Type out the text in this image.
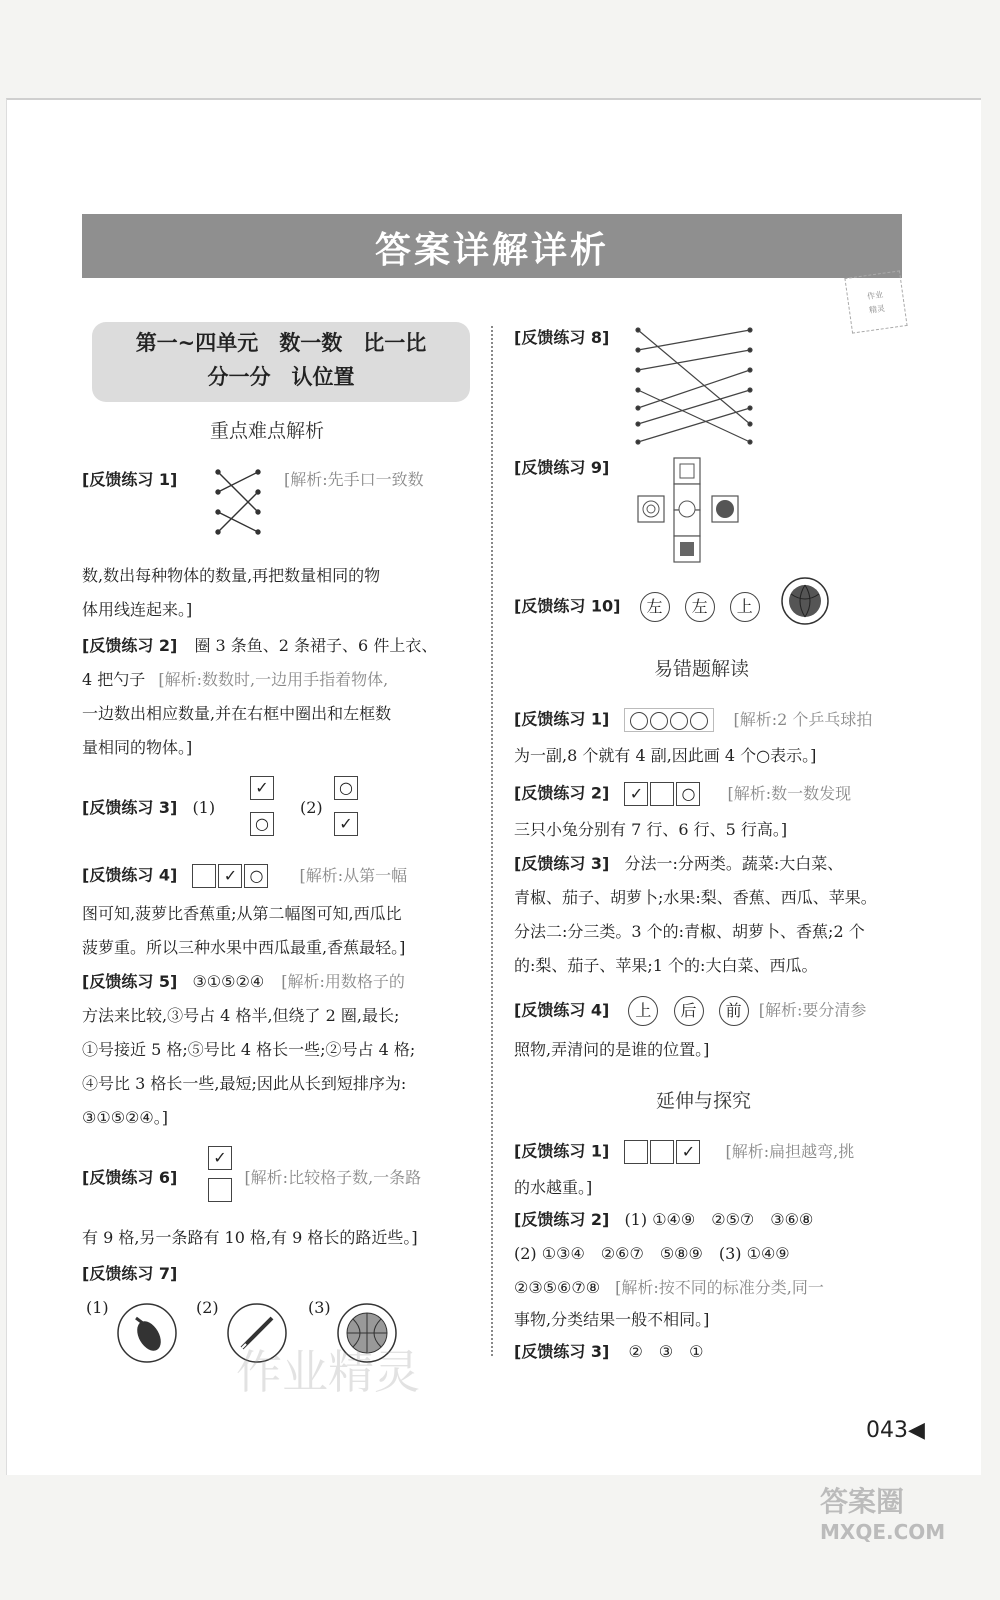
答案详解详析

作业
精灵
第一~四单元　数一数　比一比
分一分　认位置
重点难点解析
[反馈练习 1]	[解析:先手口一致数
数,数出每种物体的数量,再把数量相同的物
体用线连起来。]
[反馈练习 2] 圈 3 条鱼、2 条裙子、6 件上衣、
4 把勺子 [解析:数数时,一边用手指着物体,
一边数出相应数量,并在右框中圈出和左框数
量相同的物体。]
[反馈练习 3] (1)
✓
○
(2)
○
✓
[反馈练习 4]	✓ ○ [解析:从第一幅
图可知,菠萝比香蕉重;从第二幅图可知,西瓜比
菠萝重。所以三种水果中西瓜最重,香蕉最轻。]
[反馈练习 5] ③①⑤②④ [解析:用数格子的
方法来比较,③号占 4 格半,但绕了 2 圈,最长;
①号接近 5 格;⑤号比 4 格长一些;②号占 4 格;
④号比 3 格长一些,最短;因此从长到短排序为:
③①⑤②④。]
✓

[反馈练习 6]	[解析:比较格子数,一条路
有 9 格,另一条路有 10 格,有 9 格长的路近些。]
[反馈练习 7]
(1)	(2)	(3)
[反馈练习 8]
[反馈练习 9]
[反馈练习 10] 左 左 上
易错题解读
[反馈练习 1]	[解析:2 个乒乓球拍
为一副,8 个就有 4 副,因此画 4 个○表示。]
[反馈练习 2] ✓ ○ [解析:数一数发现
三只小兔分别有 7 行、6 行、5 行高。]
[反馈练习 3] 分法一:分两类。蔬菜:大白菜、
青椒、茄子、胡萝卜;水果:梨、香蕉、西瓜、苹果。
分法二:分三类。3 个的:青椒、胡萝卜、香蕉;2 个
的:梨、茄子、苹果;1 个的:大白菜、西瓜。
[反馈练习 4] 上 后 前 [解析:要分清参
照物,弄清问的是谁的位置。]
延伸与探究
[反馈练习 1]	✓ [解析:扁担越弯,挑
的水越重。]
[反馈练习 2] (1) ①④⑨　②⑤⑦　③⑥⑧
(2) ①③④　②⑥⑦　⑤⑧⑨　(3) ①④⑨
②③⑤⑥⑦⑧ [解析:按不同的标准分类,同一
事物,分类结果一般不相同。]
[反馈练习 3] ②　③　①
043◀
作业精灵
答案圈
MXQE.COM
